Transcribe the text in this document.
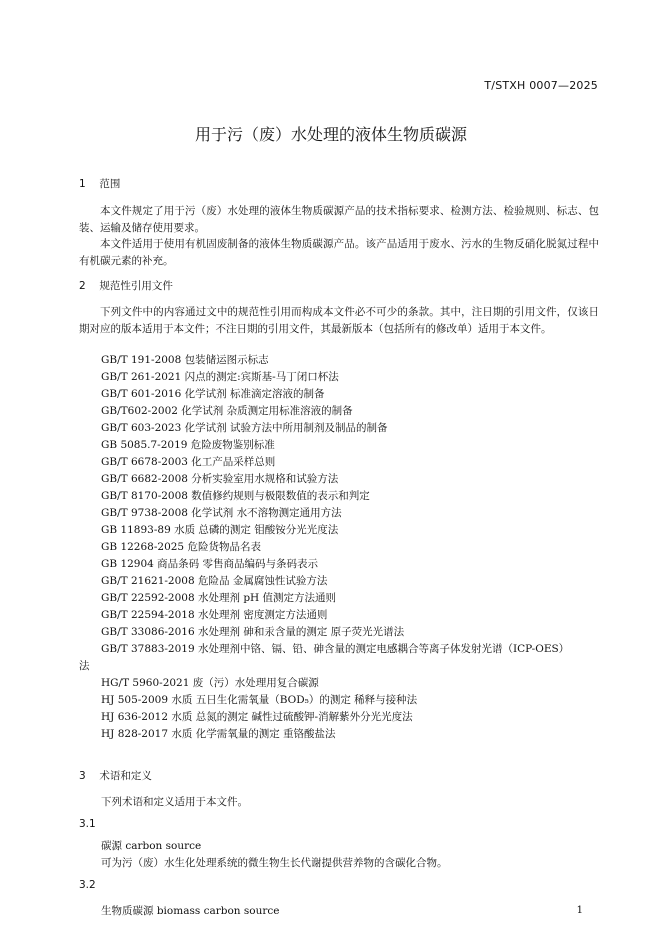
T/STXH 0007—2025
用于污（废）水处理的液体生物质碳源
1 范围

本文件规定了用于污（废）水处理的液体生物质碳源产品的技术指标要求、检测方法、检验规则、标志、包装、运输及储存使用要求。

本文件适用于使用有机固废制备的液体生物质碳源产品。该产品适用于废水、污水的生物反硝化脱氮过程中有机碳元素的补充。

2 规范性引用文件

下列文件中的内容通过文中的规范性引用而构成本文件必不可少的条款。其中，注日期的引用文件，仅该日期对应的版本适用于本文件；不注日期的引用文件，其最新版本（包括所有的修改单）适用于本文件。

GB/T 191-2008 包装储运图示标志
GB/T 261-2021 闪点的测定:宾斯基-马丁闭口杯法
GB/T 601-2016 化学试剂 标准滴定溶液的制备
GB/T602-2002 化学试剂 杂质测定用标准溶液的制备
GB/T 603-2023 化学试剂 试验方法中所用制剂及制品的制备
GB 5085.7-2019 危险废物鉴别标准
GB/T 6678-2003 化工产品采样总则
GB/T 6682-2008 分析实验室用水规格和试验方法
GB/T 8170-2008 数值修约规则与极限数值的表示和判定
GB/T 9738-2008 化学试剂 水不溶物测定通用方法
GB 11893-89 水质 总磷的测定 钼酸铵分光光度法
GB 12268-2025 危险货物品名表
GB 12904 商品条码 零售商品编码与条码表示
GB/T 21621-2008 危险品 金属腐蚀性试验方法
GB/T 22592-2008 水处理剂 pH 值测定方法通则
GB/T 22594-2018 水处理剂 密度测定方法通则
GB/T 33086-2016 水处理剂 砷和汞含量的测定 原子荧光光谱法
GB/T 37883-2019 水处理剂中铬、镉、铅、砷含量的测定电感耦合等离子体发射光谱（ICP-OES）
法
HG/T 5960-2021 废（污）水处理用复合碳源
HJ 505-2009 水质 五日生化需氧量（BOD₅）的测定 稀释与接种法
HJ 636-2012 水质 总氮的测定 碱性过硫酸钾-消解紫外分光光度法
HJ 828-2017 水质 化学需氧量的测定 重铬酸盐法
3 术语和定义
下列术语和定义适用于本文件。
3.1
碳源 carbon source
可为污（废）水生化处理系统的微生物生长代谢提供营养物的含碳化合物。
3.2
生物质碳源 biomass carbon source	1
